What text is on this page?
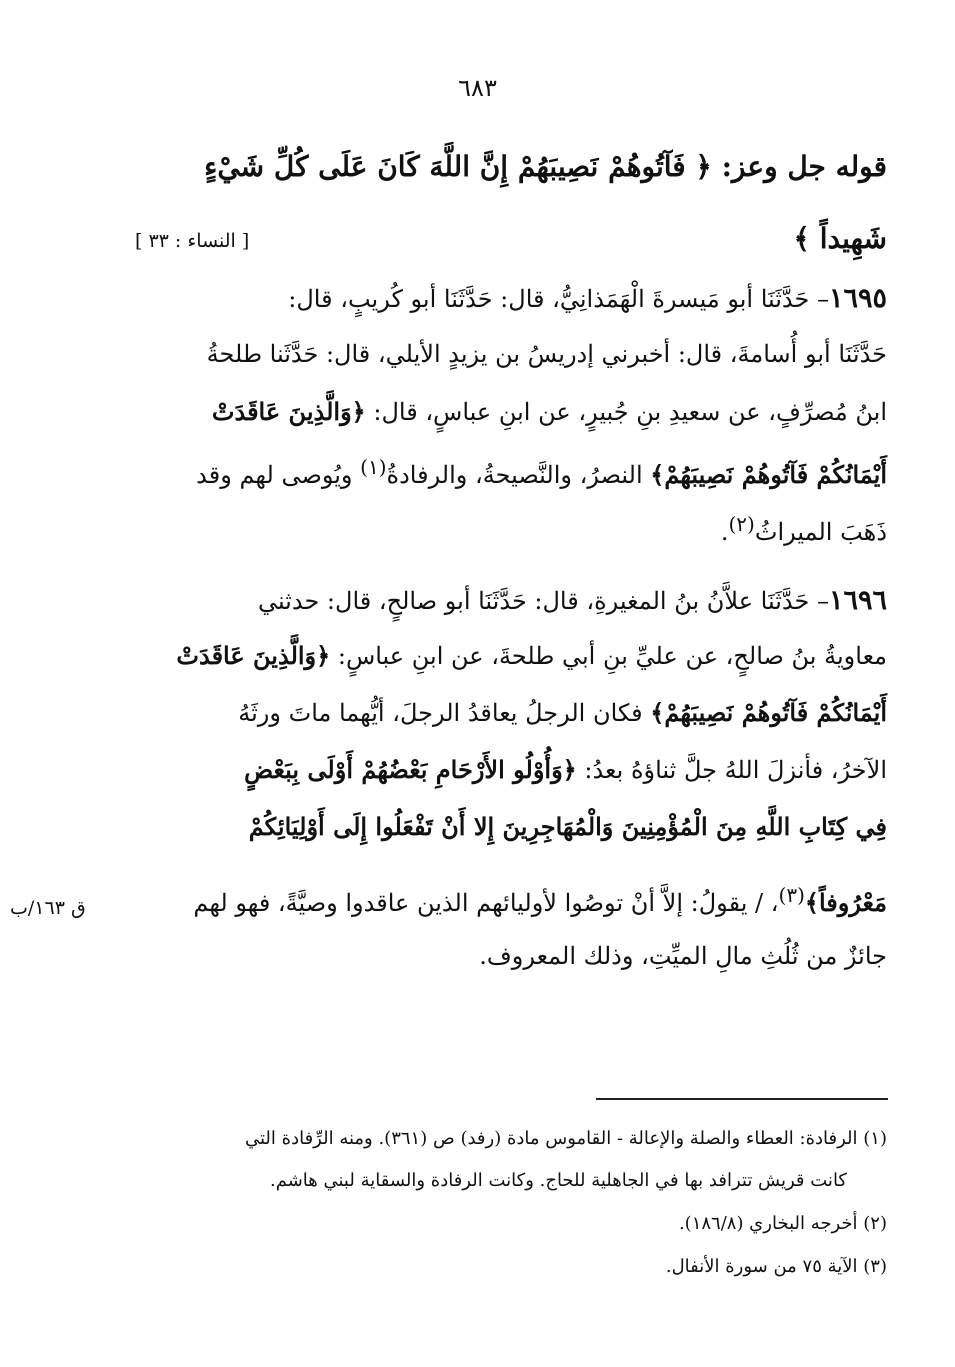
٦٨٣
قوله جل وعز: ﴿ فَآتُوهُمْ نَصِيبَهُمْ إِنَّ اللَّهَ كَانَ عَلَى كُلِّ شَيْءٍ
شَهِيداً ﴾
[ النساء : ٣٣ ]
١٦٩٥– حَدَّثَنَا أبو مَيسرةَ الْهَمَذانِيُّ، قال: حَدَّثَنَا أبو كُريبٍ، قال:
حَدَّثَنَا أبو أُسامةَ، قال: أخبرني إدريسُ بن يزيدٍ الأيلي، قال: حَدَّثَنا طلحةُ
ابنُ مُصرِّفٍ، عن سعيدِ بنِ جُبيرٍ، عن ابنِ عباسٍ، قال: ﴿وَالَّذِينَ عَاقَدَتْ
أَيْمَانُكُمْ فَآتُوهُمْ نَصِيبَهُمْ﴾ النصرُ، والنَّصيحةُ، والرفادةُ$^{(١)}$ ويُوصى لهم وقد
ذَهَبَ الميراثُ$^{(٢)}$.
١٦٩٦– حَدَّثَنَا علاَّنُ بنُ المغيرةِ، قال: حَدَّثَنَا أبو صالحٍ، قال: حدثني
معاويةُ بنُ صالحٍ، عن عليِّ بنِ أبي طلحةَ، عن ابنِ عباسٍ: ﴿وَالَّذِينَ عَاقَدَتْ
أَيْمَانُكُمْ فَآتُوهُمْ نَصِيبَهُمْ﴾ فكان الرجلُ يعاقدُ الرجلَ، أيُّهما ماتَ ورثَهُ
الآخرُ، فأنزلَ اللهُ جلَّ ثناؤهُ بعدُ: ﴿وَأُوْلُو الأَرْحَامِ بَعْضُهُمْ أَوْلَى بِبَعْضٍ
فِي كِتَابِ اللَّهِ مِنَ الْمُؤْمِنِينَ وَالْمُهَاجِرِينَ إِلا أَنْ تَفْعَلُوا إِلَى أَوْلِيَائِكُمْ
مَعْرُوفاً﴾$^{(٣)}$، / يقولُ: إلاَّ أنْ توصُوا لأوليائهم الذين عاقدوا وصيَّةً، فهو لهم
ق ١٦٣/ب
جائزٌ من ثُلُثِ مالِ الميِّتِ، وذلك المعروف.
(١) الرفادة: العطاء والصلة والإعالة - القاموس مادة (رفد) ص (٣٦١). ومنه الرِّفادة التي
كانت قريش تترافد بها في الجاهلية للحاج. وكانت الرفادة والسقاية لبني هاشم.
(٢) أخرجه البخاري (١٨٦/٨).
(٣) الآية ٧٥ من سورة الأنفال.
